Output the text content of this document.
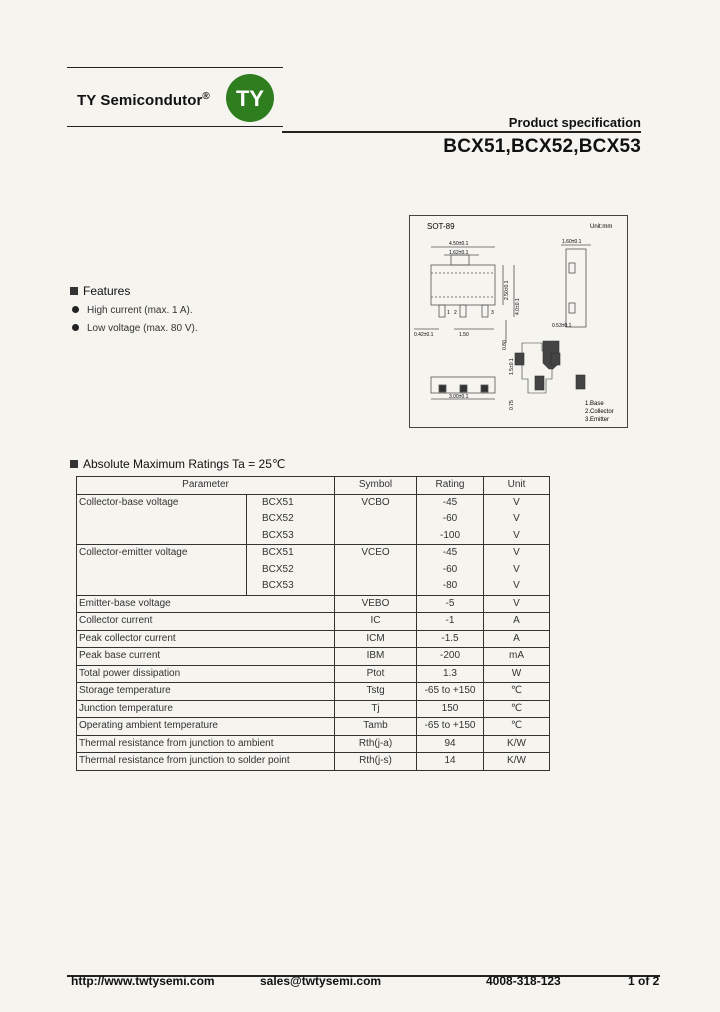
TY Semicondutor® TY
Product specification
BCX51,BCX52,BCX53
SOT-89	Unit:mm
4.50±0.1
1.62±0.1
1 2	3
2.50±0.1
4.0±0.1
0.42±0.1	1.50
0.80
1.60±0.1
0.53±0.1
3.00±0.1
1.5±0.1
0.75	1.Base
2.Collector
3.Emitter
Features
High current (max. 1 A).
Low voltage (max. 80 V).
Absolute Maximum Ratings Ta = 25℃
Parameter		Symbol	Rating	Unit
Collector-base voltage	BCX51	VCBO	-45	V
	BCX52		-60	V
	BCX53		-100	V
Collector-emitter voltage	BCX51	VCEO	-45	V
	BCX52		-60	V
	BCX53		-80	V
Emitter-base voltage		VEBO	-5	V
Collector current		IC	-1	A
Peak collector current		ICM	-1.5	A
Peak base current		IBM	-200	mA
Total power dissipation		Ptot	1.3	W
Storage temperature		Tstg	-65 to +150	℃
Junction temperature		Tj	150	℃
Operating ambient temperature		Tamb	-65 to +150	℃
Thermal resistance from junction to ambient		Rth(j-a)	94	K/W
Thermal resistance from junction to solder point		Rth(j-s)	14	K/W
http://www.twtysemi.com	sales@twtysemi.com	4008-318-123	1 of 2
